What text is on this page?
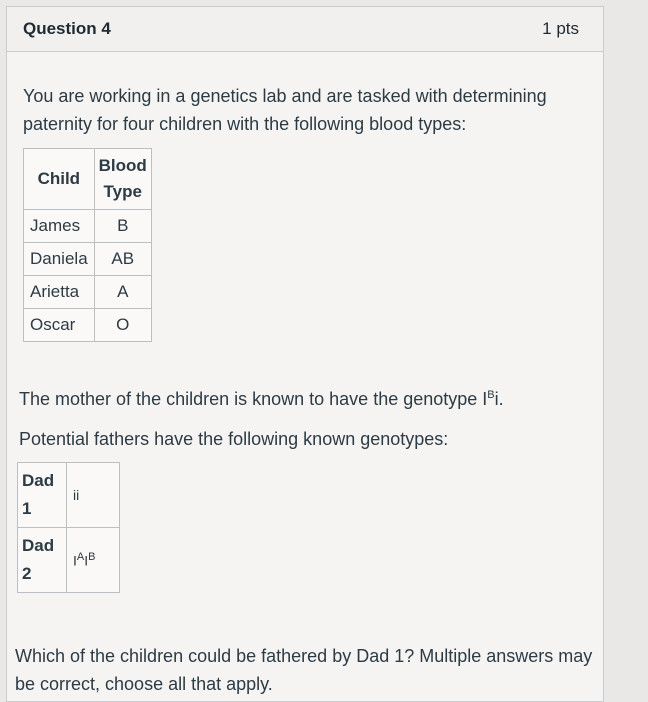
Question 4	1 pts
You are working in a genetics lab and are tasked with determining paternity for four children with the following blood types:
Child	Blood
Type

James	B
Daniela	AB
Arietta	A
Oscar	O
The mother of the children is known to have the genotype $I^Bi$.
Potential fathers have the following known genotypes:
Dad
1	ii

Dad
2	$I^AI^B$
Which of the children could be fathered by Dad 1? Multiple answers may be correct, choose all that apply.
